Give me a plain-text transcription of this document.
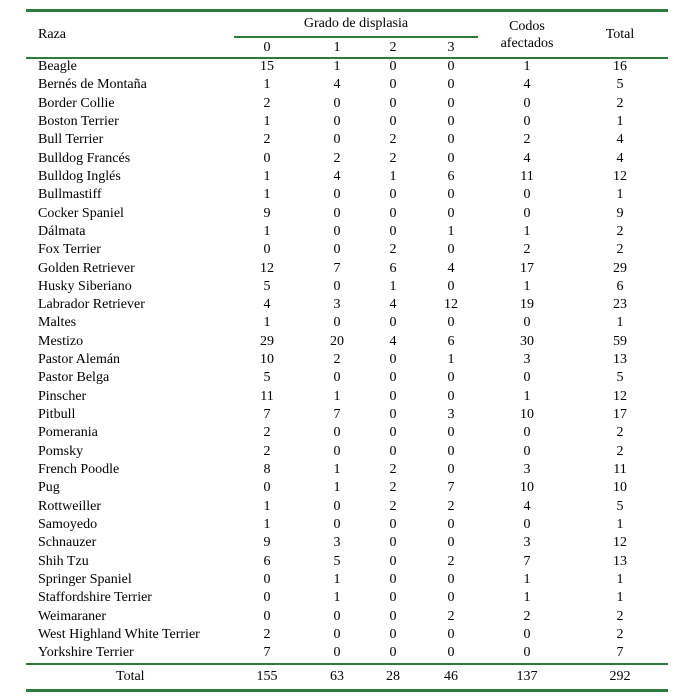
Raza
Grado de displasia
0	1	2	3
Codos
afectados
Total
Beagle	15	1	0	0	1	16
Bernés de Montaña	1	4	0	0	4	5
Border Collie	2	0	0	0	0	2
Boston Terrier	1	0	0	0	0	1
Bull Terrier	2	0	2	0	2	4
Bulldog Francés	0	2	2	0	4	4
Bulldog Inglés	1	4	1	6	11	12
Bullmastiff	1	0	0	0	0	1
Cocker Spaniel	9	0	0	0	0	9
Dálmata	1	0	0	1	1	2
Fox Terrier	0	0	2	0	2	2
Golden Retriever	12	7	6	4	17	29
Husky Siberiano	5	0	1	0	1	6
Labrador Retriever	4	3	4	12	19	23
Maltes	1	0	0	0	0	1
Mestizo	29	20	4	6	30	59
Pastor Alemán	10	2	0	1	3	13
Pastor Belga	5	0	0	0	0	5
Pinscher	11	1	0	0	1	12
Pitbull	7	7	0	3	10	17
Pomerania	2	0	0	0	0	2
Pomsky	2	0	0	0	0	2
French Poodle	8	1	2	0	3	11
Pug	0	1	2	7	10	10
Rottweiller	1	0	2	2	4	5
Samoyedo	1	0	0	0	0	1
Schnauzer	9	3	0	0	3	12
Shih Tzu	6	5	0	2	7	13
Springer Spaniel	0	1	0	0	1	1
Staffordshire Terrier	0	1	0	0	1	1
Weimaraner	0	0	0	2	2	2
West Highland White Terrier	2	0	0	0	0	2
Yorkshire Terrier	7	0	0	0	0	7
Total	155	63	28	46	137	292
